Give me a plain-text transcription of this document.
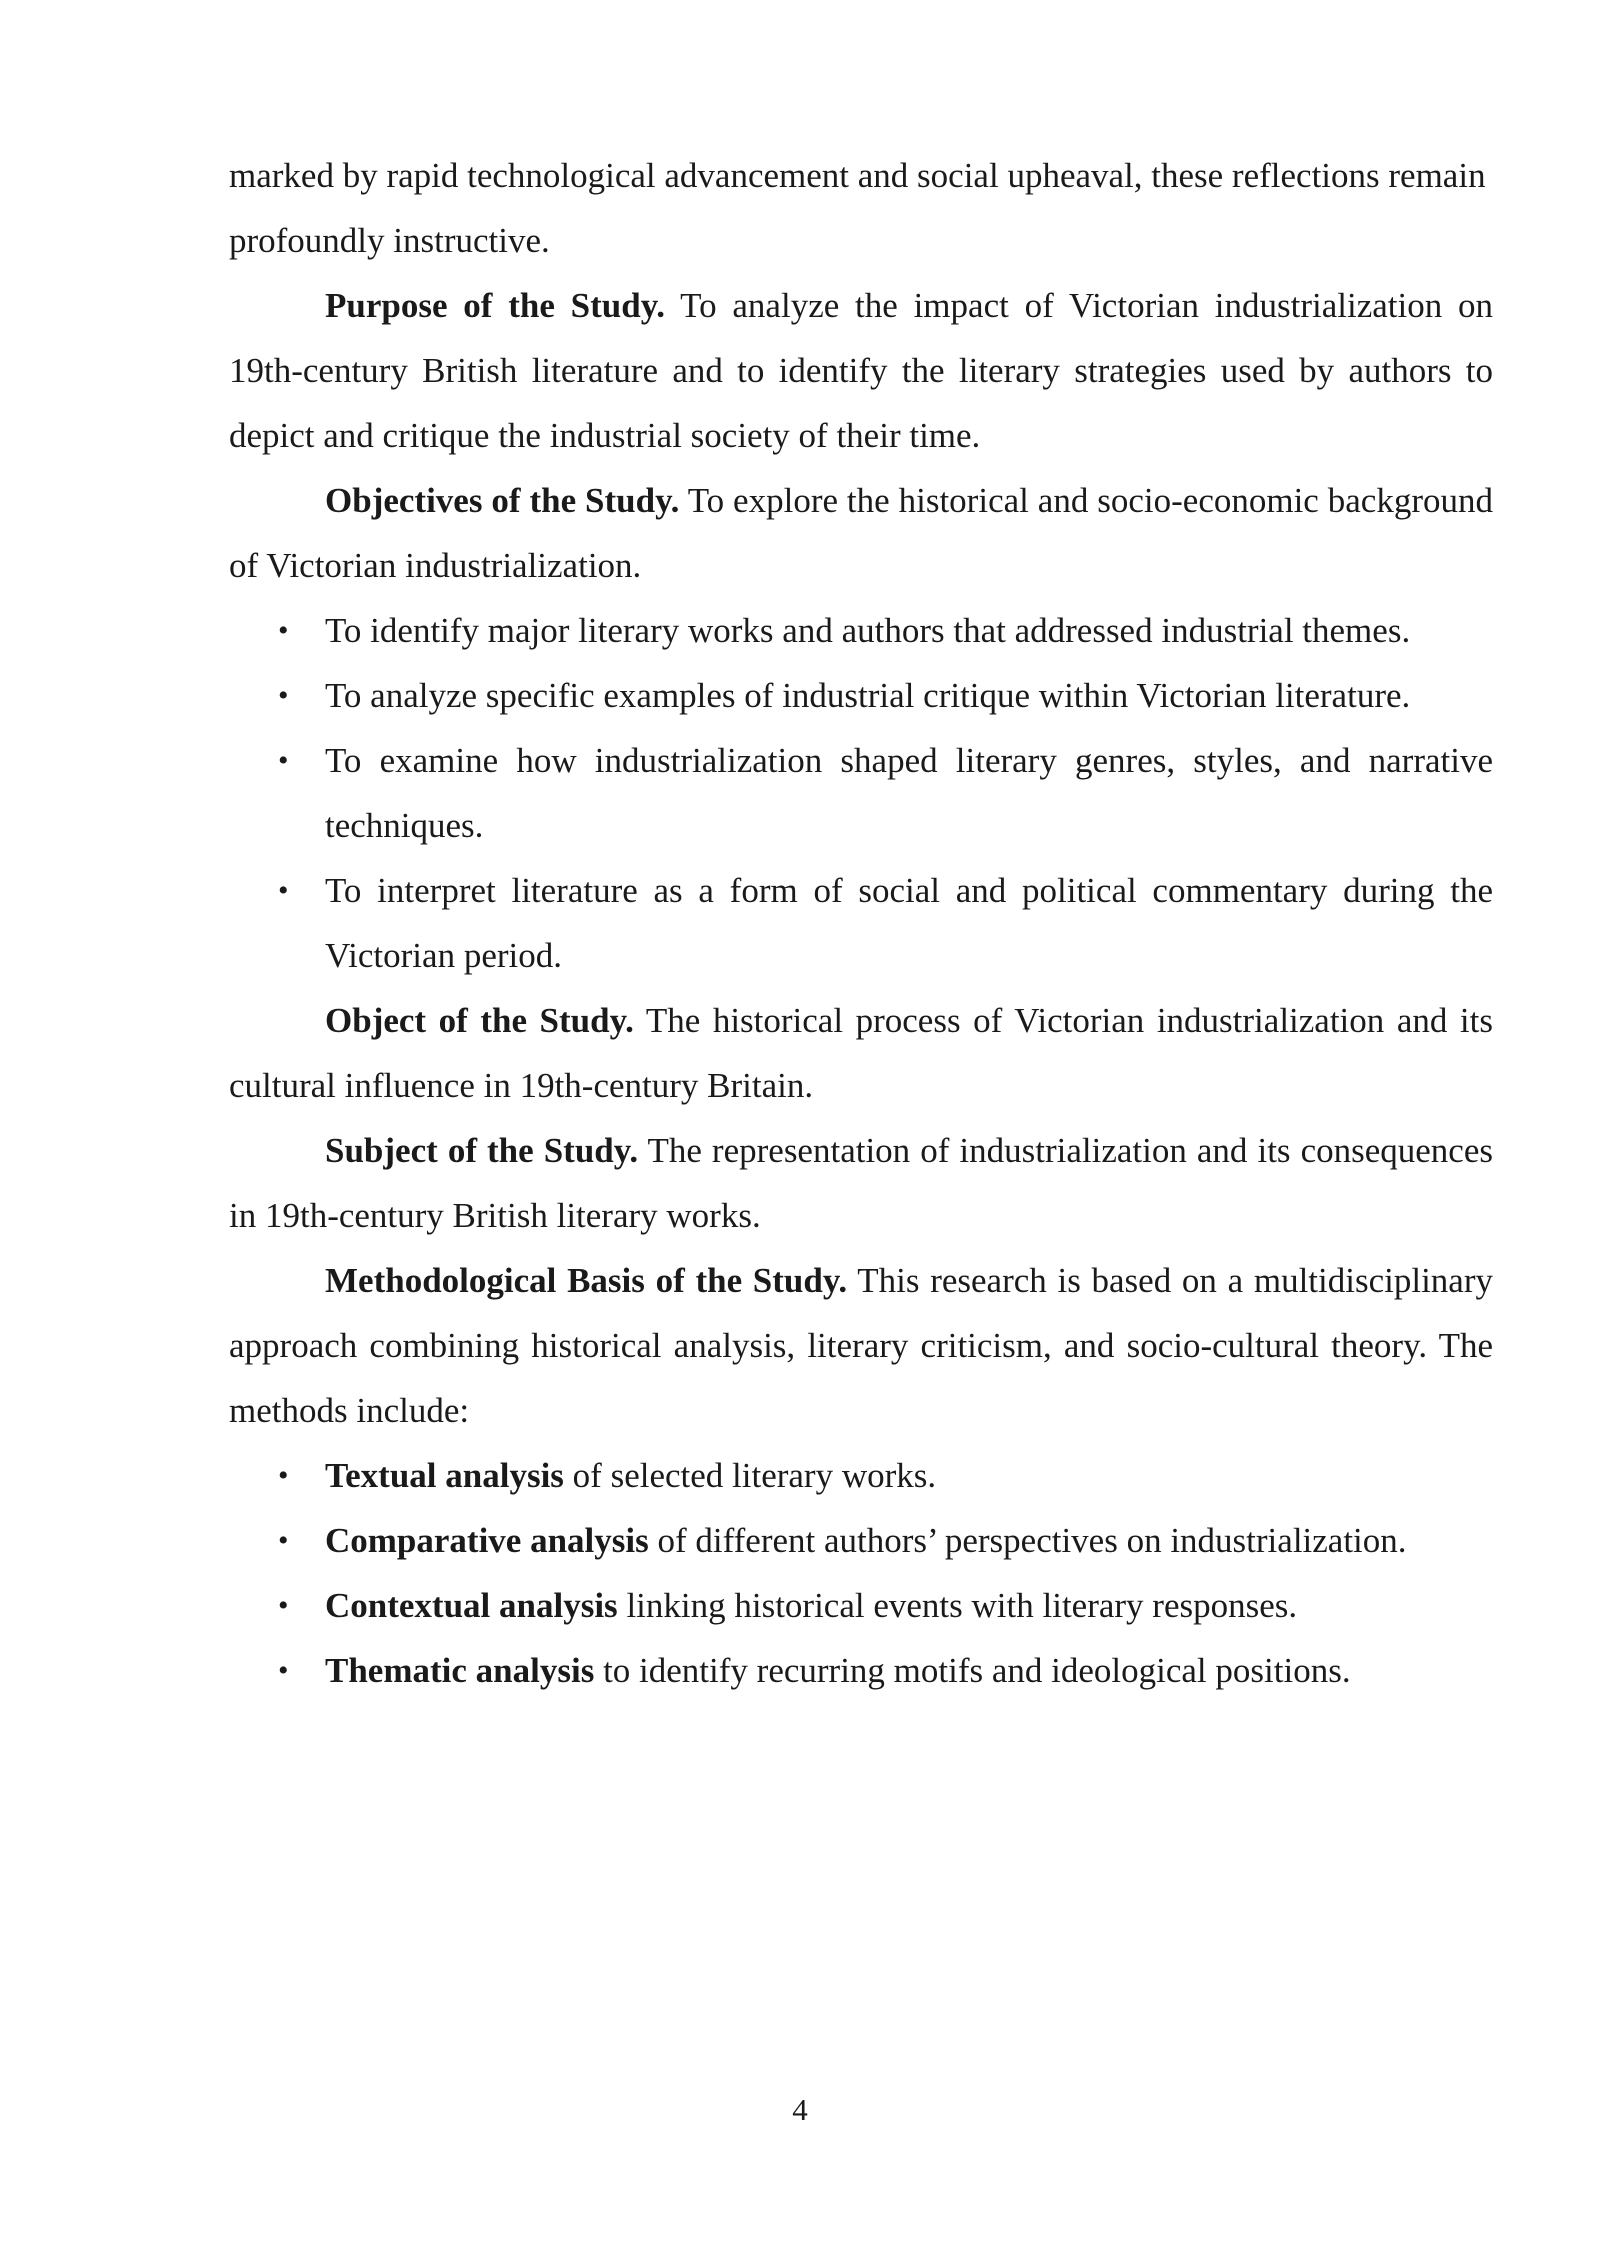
marked by rapid technological advancement and social upheaval, these reflections remain profoundly instructive.

Purpose of the Study. To analyze the impact of Victorian industrialization on 19th-century British literature and to identify the literary strategies used by authors to depict and critique the industrial society of their time.

Objectives of the Study. To explore the historical and socio-economic background of Victorian industrialization.

• To identify major literary works and authors that addressed industrial themes.
• To analyze specific examples of industrial critique within Victorian literature.
• To examine how industrialization shaped literary genres, styles, and narrative techniques.
• To interpret literature as a form of social and political commentary during the Victorian period.

Object of the Study. The historical process of Victorian industrialization and its cultural influence in 19th-century Britain.

Subject of the Study. The representation of industrialization and its consequences in 19th-century British literary works.

Methodological Basis of the Study. This research is based on a multidisciplinary approach combining historical analysis, literary criticism, and socio-cultural theory. The methods include:

• Textual analysis of selected literary works.
• Comparative analysis of different authors’ perspectives on industrialization.
• Contextual analysis linking historical events with literary responses.
• Thematic analysis to identify recurring motifs and ideological positions.
4
